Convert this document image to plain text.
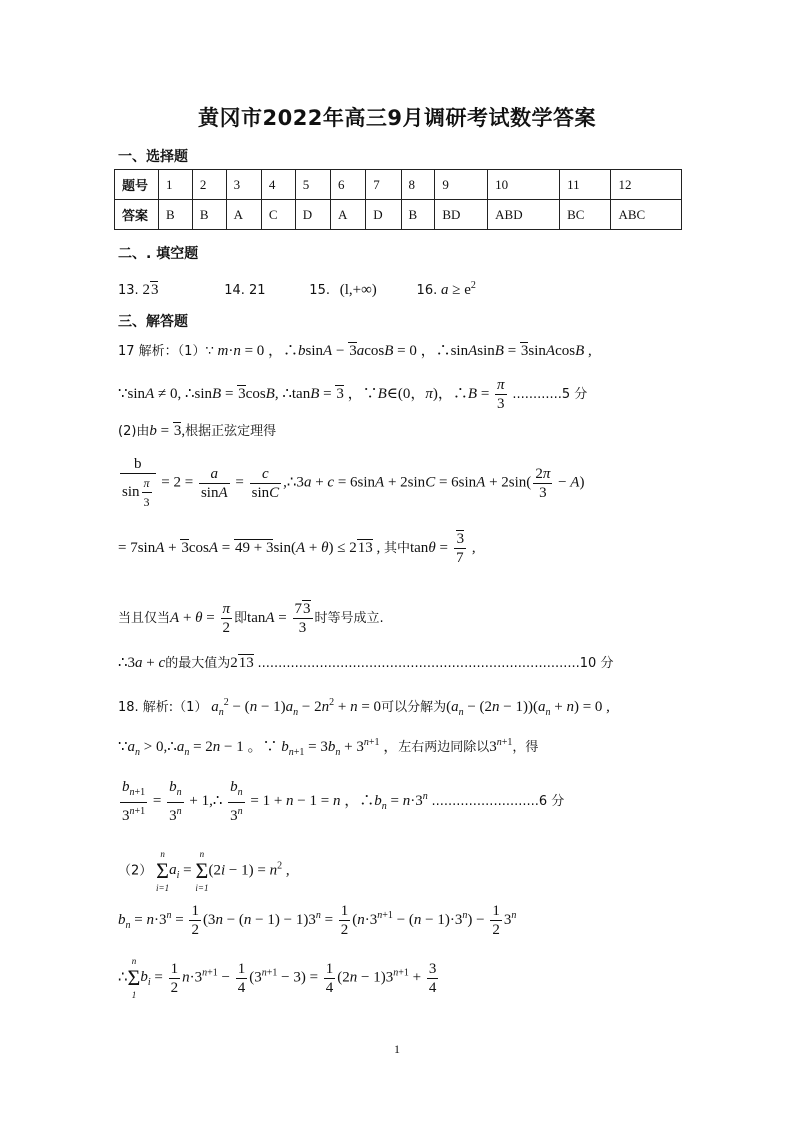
黄冈市2022年高三9月调研考试数学答案
一、选择题
题号	1	2	3	4	5	6	7	8	9	10	11	12
答案	B	B	A	C	D	A	D	B	BD	ABD	BC	ABC
二、. 填空题
13. 23	14. 21	15. (l,+∞)	16. $a \ge e^2$
三、解答题
17 解析：（1）∵ m·n = 0 ，∴bsinA − 3acosB = 0 ，∴sinAsinB = 3sinAcosB ,
∵sinA ≠ 0, ∴sinB = 3cosB, ∴tanB = 3 ，∵B∈(0，π)，∴B = $\frac{\pi}{3} ............5$ 分
(2)由b = 3,根据正弦定理得
$\frac{b}{\sin \frac{\pi}{3}} = 2 = \frac{a}{\sin A} = \frac{c}{\sin C}$ ,∴3a + $c = 6\sin A + 2\sin C = 6\sin A + 2\sin( \frac{2\pi}{3} - A)$
= 7sinA + 3cosA = 49 + 3sin(A + θ) ≤ 213 , 其中$\tan\theta = \frac{3}{7}$ ,
当且仅当$A + \theta = \frac{\pi}{2}$ 即$\tan A = \frac{73}{3}$ 时等号成立.
∴3a + c的最大值为213 ..............................................................................10 分
18. 解析:（1） $a_n^2 - (n - 1)a_n - 2n^2 + n = 0$可以分解为$(a_n - (2n - 1))(a_n + n) = 0$ ,
$\because a_n$ > $0,\therefore a_n = 2n - 1$ 。∵ $b_{n+1} = 3b_n + 3^{n+1}$ ，左右两边同除以$3^{n+1}$，得
$\frac{b_{n+1}}{3^{n+1}} = \frac{b_n}{3^n}$ + 1,∴ $\frac{b_n}{3^n} = 1 + n - 1 = n$ ，$\therefore b_n = n\cdot 3^n$ ..........................6 分
（2）
n
Σ
i=1
$a_i$ =
n
Σ
i=1
$(2i - 1) = n^2$ ,
$b_n = n\cdot 3^n = \frac{1}{2} (3n - (n - 1) - 1)3^n = \frac{1}{2} (n\cdot 3^{n+1} - (n - 1)\cdot 3^n) - \frac{1}{2} 3^n$
∴
n
Σ
1
$b_i = \frac{1}{2} n\cdot 3^{n+1} - \frac{1}{4} (3^{n+1} - 3) = \frac{1}{4} (2n - 1)3^{n+1} + \frac{3}{4}$
1
